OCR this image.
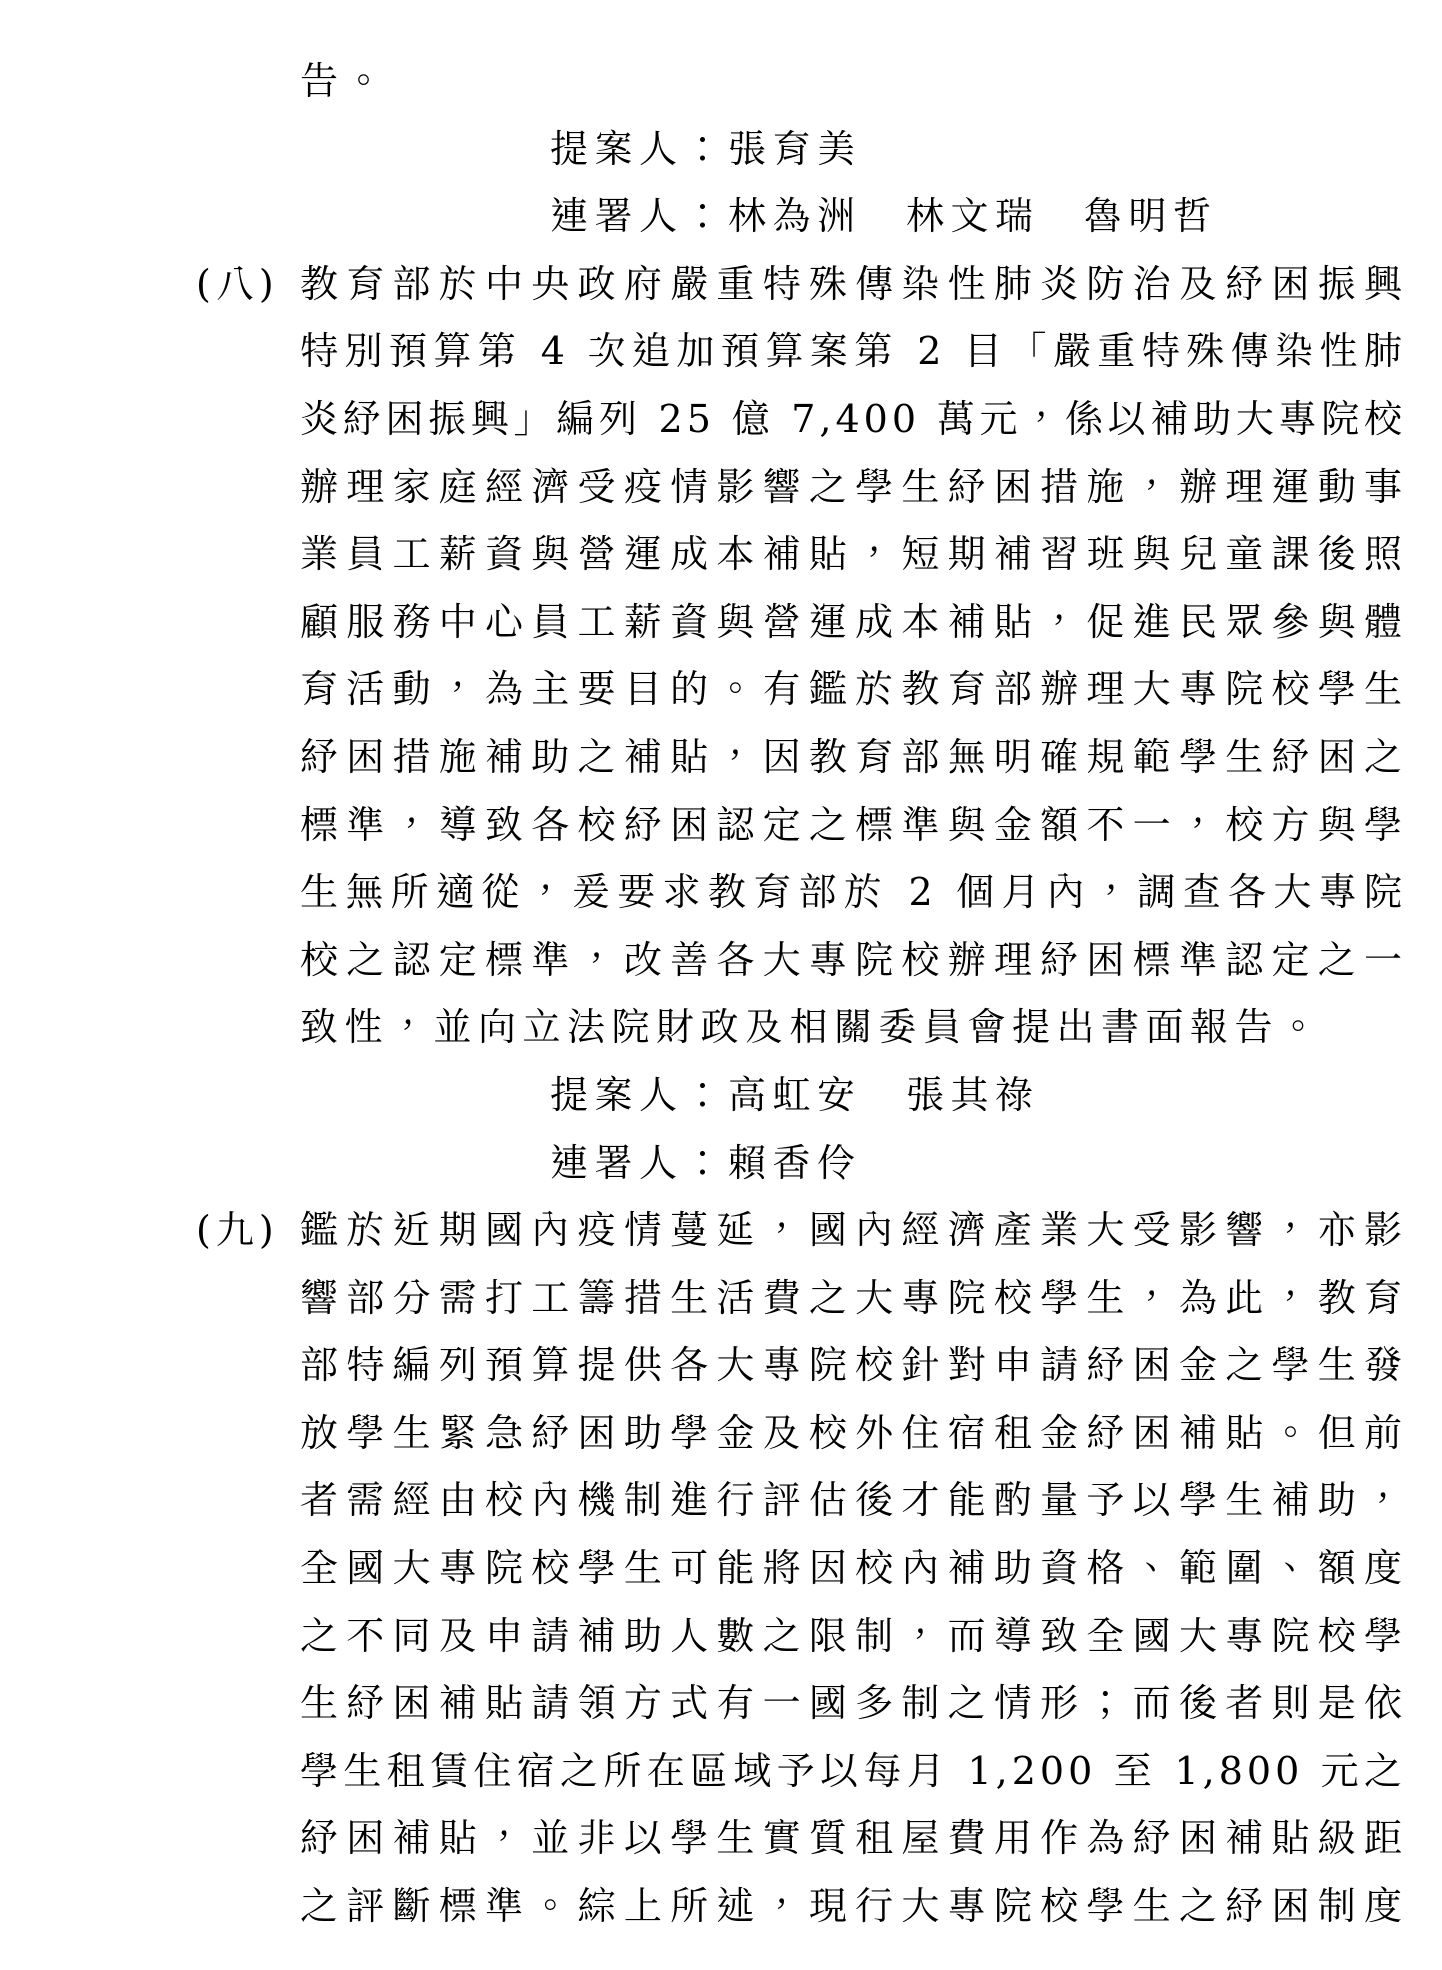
告。
提案人：張育美
連署人：林為洲　林文瑞　魯明哲
(八) 教育部於中央政府嚴重特殊傳染性肺炎防治及紓困振興
特別預算第 4 次追加預算案第 2 目「嚴重特殊傳染性肺
炎紓困振興」編列 25 億 7,400 萬元，係以補助大專院校
辦理家庭經濟受疫情影響之學生紓困措施，辦理運動事
業員工薪資與營運成本補貼，短期補習班與兒童課後照
顧服務中心員工薪資與營運成本補貼，促進民眾參與體
育活動，為主要目的。有鑑於教育部辦理大專院校學生
紓困措施補助之補貼，因教育部無明確規範學生紓困之
標準，導致各校紓困認定之標準與金額不一，校方與學
生無所適從，爰要求教育部於 2 個月內，調查各大專院
校之認定標準，改善各大專院校辦理紓困標準認定之一
致性，並向立法院財政及相關委員會提出書面報告。
提案人：高虹安　張其祿
連署人：賴香伶
(九) 鑑於近期國內疫情蔓延，國內經濟產業大受影響，亦影
響部分需打工籌措生活費之大專院校學生，為此，教育
部特編列預算提供各大專院校針對申請紓困金之學生發
放學生緊急紓困助學金及校外住宿租金紓困補貼。但前
者需經由校內機制進行評估後才能酌量予以學生補助，
全國大專院校學生可能將因校內補助資格、範圍、額度
之不同及申請補助人數之限制，而導致全國大專院校學
生紓困補貼請領方式有一國多制之情形；而後者則是依
學生租賃住宿之所在區域予以每月 1,200 至 1,800 元之
紓困補貼，並非以學生實質租屋費用作為紓困補貼級距
之評斷標準。綜上所述，現行大專院校學生之紓困制度
